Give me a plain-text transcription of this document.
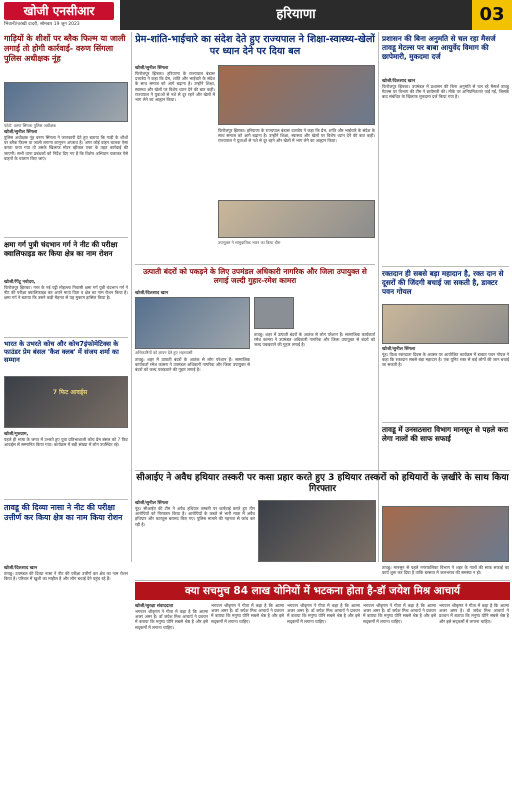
खोजी एनसीआर
भिवानी/चरखी दादरी, सोमवार 19 जून 2023
हरियाणा	03
गाड़ियों के शीशों पर ब्लैक फिल्म या जाली लगाई तो होगी कार्रवाई- वरुण सिंगला पुलिस अधीक्षक नूंह
फोटो: वरुण सिंगला पुलिस अधीक्षक
खोजी/सुनील सिंगला
पुलिस अधीक्षक नूंह वरुण सिंगला ने जानकारी देते हुए बताया कि गाड़ी के शीशों पर ब्लैक फिल्म या जाली लगाना कानूनन अपराध है। अगर कोई वाहन चालक ऐसा करता पाया गया तो उसके खिलाफ मोटर व्हीकल एक्ट के तहत कार्रवाई की जाएगी। सभी थाना प्रबंधकों को निर्देश दिए गए हैं कि विशेष अभियान चलाकर ऐसे वाहनों के चालान किए जाएं।
क्षमा गर्ग पुत्री चंदभान गर्ग ने नीट की परीक्षा क्वालिफाइड कर किया क्षेत्र का नाम रोशन
खोजी/पिंटू नवोदय,
फिरोजपुर झिरका। नगर के नई पट्टी मोहल्ला निवासी क्षमा गर्ग पुत्री चंदभान गर्ग ने नीट की परीक्षा क्वालिफाइड कर अपने माता पिता व क्षेत्र का नाम रोशन किया है। क्षमा गर्ग ने बताया कि उसने कड़ी मेहनत से यह मुकाम हासिल किया है।
भारत के उभरते कोच और कोच7इंफोमेटिक्स के फाउंडर प्रेम बंसल 'कैश क्लब' में संजय शर्मा का सम्मान
7 फिट आवर्ड्स
खोजी/गुरुग्राम,
पहले ही भाषा के जगत में उभरते हुए युवा प्रतिभाशाली कोच प्रेम बंसल को 7 फिट आवर्ड्स से सम्मानित किया गया। कार्यक्रम में बड़ी संख्या में लोग उपस्थित रहे।
तावडू की दिव्या नासा ने नीट की परीक्षा उत्तीर्ण कर किया क्षेत्र का नाम किया रोशन
खोजी/दिलशाद खान
तावडू। उपमंडल की दिव्या नासा ने नीट की परीक्षा उत्तीर्ण कर क्षेत्र का नाम रोशन किया है। परिवार में खुशी का माहौल है और लोग बधाई देने पहुंच रहे हैं।
प्रेम-शांति-भाईचारे का संदेश देते हुए राज्यपाल ने शिक्षा-स्वास्थ्य-खेलों पर ध्यान देने पर दिया बल
खोजी/सुनील सिंगला
फिरोजपुर झिरका। हरियाणा के राज्यपाल बंडारू दत्तात्रेय ने कहा कि प्रेम, शांति और भाईचारे के संदेश के साथ समाज को आगे बढ़ाना है। उन्होंने शिक्षा, स्वास्थ्य और खेलों पर विशेष ध्यान देने की बात कही। राज्यपाल ने युवाओं से नशे से दूर रहने और खेलों में भाग लेने का आह्वान किया।
फिरोजपुर झिरका। हरियाणा के राज्यपाल बंडारू दत्तात्रेय ने कहा कि प्रेम, शांति और भाईचारे के संदेश के साथ समाज को आगे बढ़ाना है। उन्होंने शिक्षा, स्वास्थ्य और खेलों पर विशेष ध्यान देने की बात कही। राज्यपाल ने युवाओं से नशे से दूर रहने और खेलों में भाग लेने का आह्वान किया।
उपायुक्त ने सामुदायिक भवन का किया दौरा
उत्पाती बंदरों को पकड़ने के लिए उपमंडल अधिकारी नागरिक और जिला उपायुक्त से लगाई जल्दी गुहार-रमेश कामरा
खोजी/दिलशाद खान
अधिकारियों को ज्ञापन देते हुए शहरवासी
तावडू। शहर में उत्पाती बंदरों के आतंक से लोग परेशान हैं। सामाजिक कार्यकर्ता रमेश कामरा ने उपमंडल अधिकारी नागरिक और जिला उपायुक्त से बंदरों को जल्द पकड़वाने की गुहार लगाई है।
तावडू। शहर में उत्पाती बंदरों के आतंक से लोग परेशान हैं। सामाजिक कार्यकर्ता रमेश कामरा ने उपमंडल अधिकारी नागरिक और जिला उपायुक्त से बंदरों को जल्द पकड़वाने की गुहार लगाई है।
सीआईए ने अवैध हथियार तस्करी पर कसा प्रहार करते हुए 3 हथियार तस्करों को हथियारों के ज़खीरे के साथ किया गिरफ्तार
खोजी/सुनील सिंगला
नूंह। सीआईए की टीम ने अवैध हथियार तस्करी पर कार्रवाई करते हुए तीन आरोपियों को गिरफ्तार किया है। आरोपियों के कब्जे से भारी मात्रा में अवैध हथियार और कारतूस बरामद किए गए। पुलिस मामले की गहनता से जांच कर रही है।
प्रशासन की बिना अनुमति से चल रहा मैसर्ज तावडू मेटल्स पर बाबा आयुर्वेद विमाग की छापेमारी, मुकदमा दर्ज
खोजी/दिलशाद खान
फिरोजपुर झिरका। उपमंडल में प्रशासन की बिना अनुमति से चल रहे मैसर्ज तावडू मेटल्स पर विभाग की टीम ने छापेमारी की। मौके पर अनियमितताएं पाई गईं, जिसके बाद संबंधित के खिलाफ मुकदमा दर्ज किया गया है।
रक्तदान ही सबसे बड़ा महादान है, रक्त दान से दूसरों की जिंदगी बचाई जा सकती है, डाक्टर पवन गोयल
खोजी/सुनील सिंगला
नूंह। विश्व रक्तदाता दिवस के अवसर पर आयोजित कार्यक्रम में डाक्टर पवन गोयल ने कहा कि रक्तदान सबसे बड़ा महादान है। एक यूनिट रक्त से कई लोगों की जान बचाई जा सकती है।
तावडू में उनसठसरा विभाग मानसून से पहले करा लेगा नालों की साफ सफाई
तावडू। मानसून से पहले नगरपालिका विभाग ने शहर के नालों की साफ सफाई का कार्य शुरू कर दिया है ताकि बरसात में जलभराव की समस्या न हो।
क्या सचमुच 84 लाख योनियों में भटकना होता है-डॉ जयेश मिश्र आचार्य
खोजी/सुरक्षा संवाददाता
भगवान श्रीकृष्ण ने गीता में कहा है कि आत्मा अजर अमर है। डॉ जयेश मिश्र आचार्य ने प्रवचन में बताया कि मनुष्य योनि सबसे श्रेष्ठ है और इसे सद्कर्मों में लगाना चाहिए।
भगवान श्रीकृष्ण ने गीता में कहा है कि आत्मा अजर अमर है। डॉ जयेश मिश्र आचार्य ने प्रवचन में बताया कि मनुष्य योनि सबसे श्रेष्ठ है और इसे सद्कर्मों में लगाना चाहिए।
भगवान श्रीकृष्ण ने गीता में कहा है कि आत्मा अजर अमर है। डॉ जयेश मिश्र आचार्य ने प्रवचन में बताया कि मनुष्य योनि सबसे श्रेष्ठ है और इसे सद्कर्मों में लगाना चाहिए।
भगवान श्रीकृष्ण ने गीता में कहा है कि आत्मा अजर अमर है। डॉ जयेश मिश्र आचार्य ने प्रवचन में बताया कि मनुष्य योनि सबसे श्रेष्ठ है और इसे सद्कर्मों में लगाना चाहिए।
भगवान श्रीकृष्ण ने गीता में कहा है कि आत्मा अजर अमर है। डॉ जयेश मिश्र आचार्य ने प्रवचन में बताया कि मनुष्य योनि सबसे श्रेष्ठ है और इसे सद्कर्मों में लगाना चाहिए।
